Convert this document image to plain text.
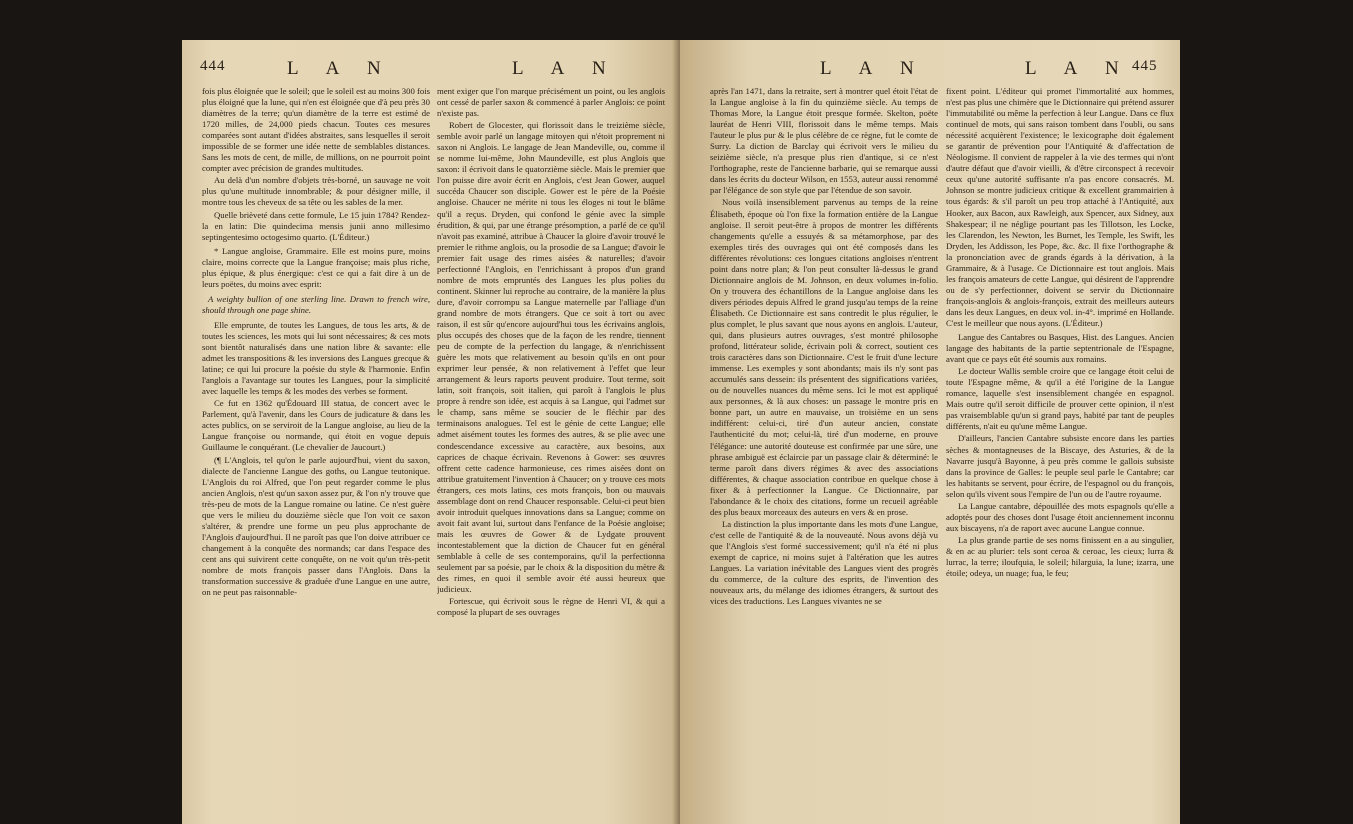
444	L A N	L A N

fois plus éloignée que le soleil; que le soleil est au moins 300 fois plus éloigné que la lune, qui n'en est éloignée que d'à peu près 30 diamètres de la terre; qu'un diamètre de la terre est estimé de 1720 milles, de 24,000 pieds chacun. Toutes ces mesures comparées sont autant d'idées abstraites, sans lesquelles il seroit impossible de se former une idée nette de semblables distances. Sans les mots de cent, de mille, de millions, on ne pourroit point compter avec précision de grandes multitudes.

Au delà d'un nombre d'objets très-borné, un sauvage ne voit plus qu'une multitude innombrable; & pour désigner mille, il montre tous les cheveux de sa tête ou les sables de la mer.

Quelle brièveté dans cette formule, Le 15 juin 1784? Rendez-la en latin: Die quindecima mensis junii anno millesimo septingentesimo octogesimo quarto. (L'Éditeur.)

* Langue angloise, Grammaire. Elle est moins pure, moins claire, moins correcte que la Langue françoise; mais plus riche, plus épique, & plus énergique: c'est ce qui a fait dire à un de leurs poëtes, du moins avec esprit:

A weighty bullion of one sterling line. Drawn to french wire, should through one page shine.

Elle emprunte, de toutes les Langues, de tous les arts, & de toutes les sciences, les mots qui lui sont nécessaires; & ces mots sont bientôt naturalisés dans une nation libre & savante: elle admet les transpositions & les inversions des Langues grecque & latine; ce qui lui procure la poésie du style & l'harmonie. Enfin l'anglois a l'avantage sur toutes les Langues, pour la simplicité avec laquelle les temps & les modes des verbes se forment.

Ce fut en 1362 qu'Édouard III statua, de concert avec le Parlement, qu'à l'avenir, dans les Cours de judicature & dans les actes publics, on se serviroit de la Langue angloise, au lieu de la Langue françoise ou normande, qui étoit en vogue depuis Guillaume le conquérant. (Le chevalier de Jaucourt.)

(¶ L'Anglois, tel qu'on le parle aujourd'hui, vient du saxon, dialecte de l'ancienne Langue des goths, ou Langue teutonique. L'Anglois du roi Alfred, que l'on peut regarder comme le plus ancien Anglois, n'est qu'un saxon assez pur, & l'on n'y trouve que très-peu de mots de la Langue romaine ou latine. Ce n'est guère que vers le milieu du douzième siècle que l'on voit ce saxon s'altérer, & prendre une forme un peu plus approchante de l'Anglois d'aujourd'hui. Il ne paroît pas que l'on doive attribuer ce changement à la conquête des normands; car dans l'espace des cent ans qui suivirent cette conquête, on ne voit qu'un très-petit nombre de mots françois passer dans l'Anglois. Dans la transformation successive & graduée d'une Langue en une autre, on ne peut pas raisonnable-

ment exiger que l'on marque précisément un point, ou les anglois ont cessé de parler saxon & commencé à parler Anglois: ce point n'existe pas.

Robert de Glocester, qui florissoit dans le treizième siècle, semble avoir parlé un langage mitoyen qui n'étoit proprement ni saxon ni Anglois. Le langage de Jean Mandeville, ou, comme il se nomme lui-même, John Maundeville, est plus Anglois que saxon: il écrivoit dans le quatorzième siècle. Mais le premier que l'on puisse dire avoir écrit en Anglois, c'est Jean Gower, auquel succéda Chaucer son disciple. Gower est le père de la Poésie angloise. Chaucer ne mérite ni tous les éloges ni tout le blâme qu'il a reçus. Dryden, qui confond le génie avec la simple érudition, & qui, par une étrange présomption, a parlé de ce qu'il n'avoit pas examiné, attribue à Chaucer la gloire d'avoir trouvé le premier le rithme anglois, ou la prosodie de sa Langue; d'avoir le premier fait usage des rimes aisées & naturelles; d'avoir perfectionné l'Anglois, en l'enrichissant à propos d'un grand nombre de mots empruntés des Langues les plus polies du continent. Skinner lui reproche au contraire, de la manière la plus dure, d'avoir corrompu sa Langue maternelle par l'alliage d'un grand nombre de mots étrangers. Que ce soit à tort ou avec raison, il est sûr qu'encore aujourd'hui tous les écrivains anglois, plus occupés des choses que de la façon de les rendre, tiennent peu de compte de la perfection du langage, & n'enrichissent guère les mots que relativement au besoin qu'ils en ont pour exprimer leur pensée, & non relativement à l'effet que leur arrangement & leurs raports peuvent produire. Tout terme, soit latin, soit françois, soit italien, qui paroît à l'anglois le plus propre à rendre son idée, est acquis à sa Langue, qui l'admet sur le champ, sans même se soucier de le fléchir par des terminaisons analogues. Tel est le génie de cette Langue; elle admet aisément toutes les formes des autres, & se plie avec une condescendance excessive au caractère, aux besoins, aux caprices de chaque écrivain. Revenons à Gower: ses œuvres offrent cette cadence harmonieuse, ces rimes aisées dont on attribue gratuitement l'invention à Chaucer; on y trouve ces mots étrangers, ces mots latins, ces mots françois, bon ou mauvais assemblage dont on rend Chaucer responsable. Celui-ci peut bien avoir introduit quelques innovations dans sa Langue; comme on avoit fait avant lui, surtout dans l'enfance de la Poésie angloise; mais les œuvres de Gower & de Lydgate prouvent incontestablement que la diction de Chaucer fut en général semblable à celle de ses contemporains, qu'il la perfectionna seulement par sa poésie, par le choix & la disposition du mètre & des rimes, en quoi il semble avoir été aussi heureux que judicieux.

Fortescue, qui écrivoit sous le règne de Henri VI, & qui a composé la plupart de ses ouvrages

L A N	L A N 445

après l'an 1471, dans la retraite, sert à montrer quel étoit l'état de la Langue angloise à la fin du quinzième siècle. Au temps de Thomas More, la Langue étoit presque formée. Skelton, poëte lauréat de Henri VIII, florissoit dans le même temps. Mais l'auteur le plus pur & le plus célèbre de ce règne, fut le comte de Surry. La diction de Barclay qui écrivoit vers le milieu du seizième siècle, n'a presque plus rien d'antique, si ce n'est l'orthographe, reste de l'ancienne barbarie, qui se remarque aussi dans les écrits du docteur Wilson, en 1553, auteur aussi renommé par l'élégance de son style que par l'étendue de son savoir.

Nous voilà insensiblement parvenus au temps de la reine Élisabeth, époque où l'on fixe la formation entière de la Langue angloise. Il seroit peut-être à propos de montrer les différents changements qu'elle a essuyés & sa métamorphose, par des exemples tirés des ouvrages qui ont été composés dans les différentes révolutions: ces longues citations angloises n'entrent point dans notre plan; & l'on peut consulter là-dessus le grand Dictionnaire anglois de M. Johnson, en deux volumes in-folio. On y trouvera des échantillons de la Langue angloise dans les divers périodes depuis Alfred le grand jusqu'au temps de la reine Élisabeth. Ce Dictionnaire est sans contredit le plus régulier, le plus complet, le plus savant que nous ayons en anglois. L'auteur, qui, dans plusieurs autres ouvrages, s'est montré philosophe profond, littérateur solide, écrivain poli & correct, soutient ces trois caractères dans son Dictionnaire. C'est le fruit d'une lecture immense. Les exemples y sont abondants; mais ils n'y sont pas accumulés sans dessein: ils présentent des significations variées, ou de nouvelles nuances du même sens. Ici le mot est appliqué aux personnes, & là aux choses: un passage le montre pris en bonne part, un autre en mauvaise, un troisième en un sens indifférent: celui-ci, tiré d'un auteur ancien, constate l'authenticité du mot; celui-là, tiré d'un moderne, en prouve l'élégance: une autorité douteuse est confirmée par une sûre, une phrase ambiguë est éclaircie par un passage clair & déterminé: le terme paroît dans divers régimes & avec des associations différentes, & chaque association contribue en quelque chose à fixer & à perfectionner la Langue. Ce Dictionnaire, par l'abondance & le choix des citations, forme un recueil agréable des plus beaux morceaux des auteurs en vers & en prose.

La distinction la plus importante dans les mots d'une Langue, c'est celle de l'antiquité & de la nouveauté. Nous avons déjà vu que l'Anglois s'est formé successivement; qu'il n'a été ni plus exempt de caprice, ni moins sujet à l'altération que les autres Langues. La variation inévitable des Langues vient des progrès du commerce, de la culture des esprits, de l'invention des nouveaux arts, du mélange des idiomes étrangers, & surtout des vices des traductions. Les Langues vivantes ne se

fixent point. L'éditeur qui promet l'immortalité aux hommes, n'est pas plus une chimère que le Dictionnaire qui prétend assurer l'immutabilité ou même la perfection à leur Langue. Dans ce flux continuel de mots, qui sans raison tombent dans l'oubli, ou sans nécessité acquièrent l'existence; le lexicographe doit également se garantir de prévention pour l'Antiquité & d'affectation de Néologisme. Il convient de rappeler à la vie des termes qui n'ont d'autre défaut que d'avoir vieilli, & d'être circonspect à recevoir ceux qu'une autorité suffisante n'a pas encore consacrés. M. Johnson se montre judicieux critique & excellent grammairien à tous égards: & s'il paroît un peu trop attaché à l'Antiquité, aux Hooker, aux Bacon, aux Rawleigh, aux Spencer, aux Sidney, aux Shakespear; il ne néglige pourtant pas les Tillotson, les Locke, les Clarendon, les Newton, les Burnet, les Temple, les Swift, les Dryden, les Addisson, les Pope, &c. &c. Il fixe l'orthographe & la prononciation avec de grands égards à la dérivation, à la Grammaire, & à l'usage. Ce Dictionnaire est tout anglois. Mais les françois amateurs de cette Langue, qui désirent de l'apprendre ou de s'y perfectionner, doivent se servir du Dictionnaire françois-anglois & anglois-françois, extrait des meilleurs auteurs dans les deux Langues, en deux vol. in-4°. imprimé en Hollande. C'est le meilleur que nous ayons. (L'Éditeur.)

Langue des Cantabres ou Basques, Hist. des Langues. Ancien langage des habitants de la partie septentrionale de l'Espagne, avant que ce pays eût été soumis aux romains.

Le docteur Wallis semble croire que ce langage étoit celui de toute l'Espagne même, & qu'il a été l'origine de la Langue romance, laquelle s'est insensiblement changée en espagnol. Mais outre qu'il seroit difficile de prouver cette opinion, il n'est pas vraisemblable qu'un si grand pays, habité par tant de peuples différents, n'ait eu qu'une même Langue.

D'ailleurs, l'ancien Cantabre subsiste encore dans les parties sèches & montagneuses de la Biscaye, des Asturies, & de la Navarre jusqu'à Bayonne, à peu près comme le gallois subsiste dans la province de Galles: le peuple seul parle le Cantabre; car les habitants se servent, pour écrire, de l'espagnol ou du françois, selon qu'ils vivent sous l'empire de l'un ou de l'autre royaume.

La Langue cantabre, dépouillée des mots espagnols qu'elle a adoptés pour des choses dont l'usage étoit anciennement inconnu aux biscayens, n'a de raport avec aucune Langue connue.

La plus grande partie de ses noms finissent en a au singulier, & en ac au plurier: tels sont ceroa & ceroac, les cieux; lurra & lurrac, la terre; iloufquia, le soleil; hilarguia, la lune; izarra, une étoile; odeya, un nuage; fua, le feu;
